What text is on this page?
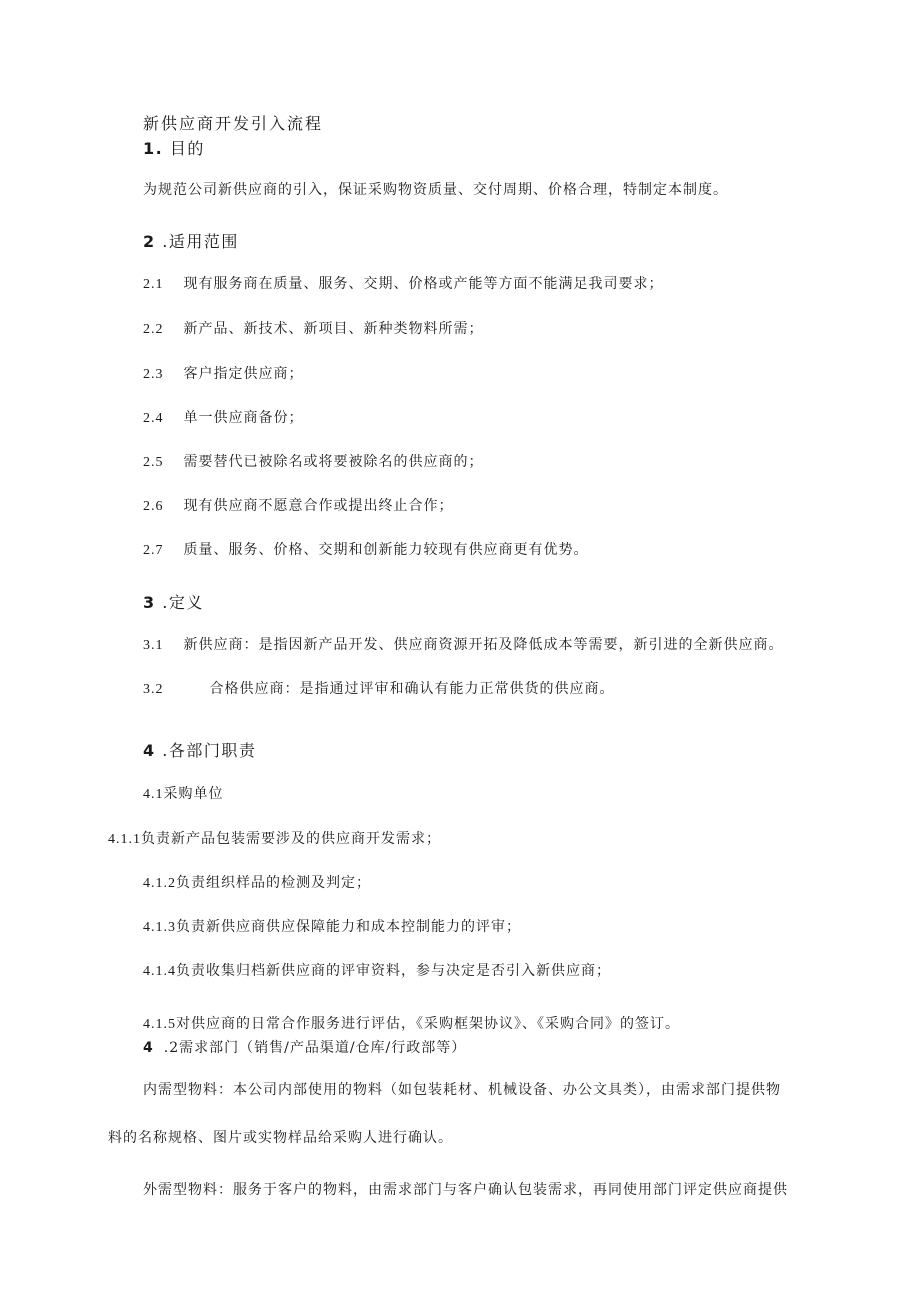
新供应商开发引入流程
1. 目的
为规范公司新供应商的引入，保证采购物资质量、交付周期、价格合理，特制定本制度。
2 .适用范围
2.1 现有服务商在质量、服务、交期、价格或产能等方面不能满足我司要求；
2.2 新产品、新技术、新项目、新种类物料所需；
2.3 客户指定供应商；
2.4 单一供应商备份；
2.5 需要替代已被除名或将要被除名的供应商的；
2.6 现有供应商不愿意合作或提出终止合作；
2.7 质量、服务、价格、交期和创新能力较现有供应商更有优势。
3 .定义
3.1 新供应商：是指因新产品开发、供应商资源开拓及降低成本等需要，新引进的全新供应商。
3.2	合格供应商：是指通过评审和确认有能力正常供货的供应商。
4 .各部门职责
4.1采购单位
4.1.1负责新产品包装需要涉及的供应商开发需求；
4.1.2负责组织样品的检测及判定；
4.1.3负责新供应商供应保障能力和成本控制能力的评审；
4.1.4负责收集归档新供应商的评审资料，参与决定是否引入新供应商；
4.1.5对供应商的日常合作服务进行评估，《采购框架协议》、《采购合同》的签订。
4 .2需求部门（销售/产品渠道/仓库/行政部等）
内需型物料：本公司内部使用的物料（如包装耗材、机械设备、办公文具类），由需求部门提供物
料的名称规格、图片或实物样品给采购人进行确认。
外需型物料：服务于客户的物料，由需求部门与客户确认包装需求，再同使用部门评定供应商提供
